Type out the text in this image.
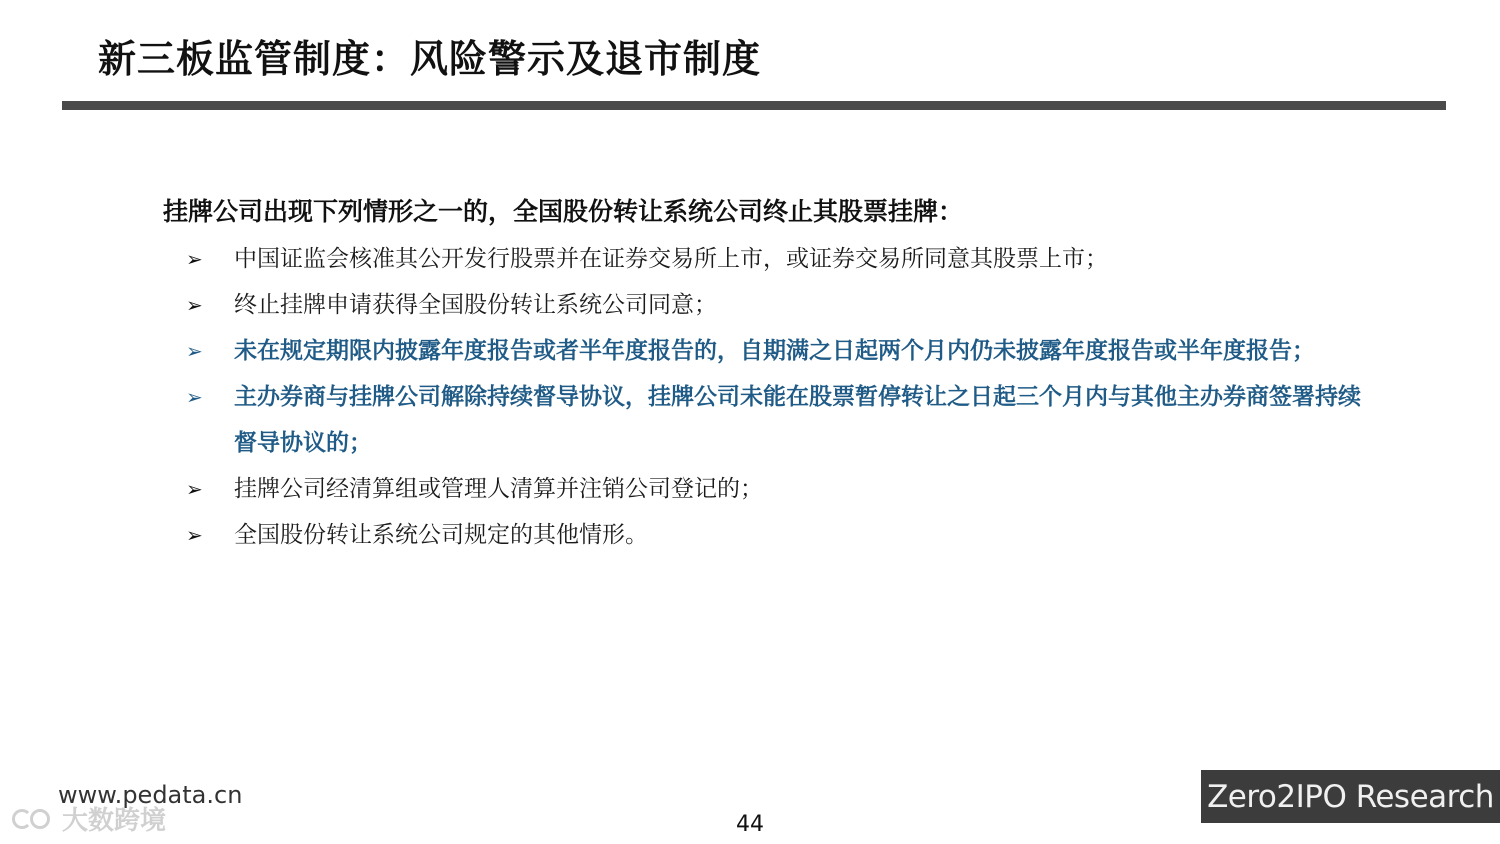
新三板监管制度：风险警示及退市制度
挂牌公司出现下列情形之一的，全国股份转让系统公司终止其股票挂牌：
➢ 中国证监会核准其公开发行股票并在证券交易所上市，或证券交易所同意其股票上市；
➢ 终止挂牌申请获得全国股份转让系统公司同意；
➢ 未在规定期限内披露年度报告或者半年度报告的，自期满之日起两个月内仍未披露年度报告或半年度报告；
➢ 主办券商与挂牌公司解除持续督导协议，挂牌公司未能在股票暂停转让之日起三个月内与其他主办券商签署持续督导协议的；
➢ 挂牌公司经清算组或管理人清算并注销公司登记的；
➢ 全国股份转让系统公司规定的其他情形。
www.pedata.cn
大数跨境	44
Zero2IPO Research
